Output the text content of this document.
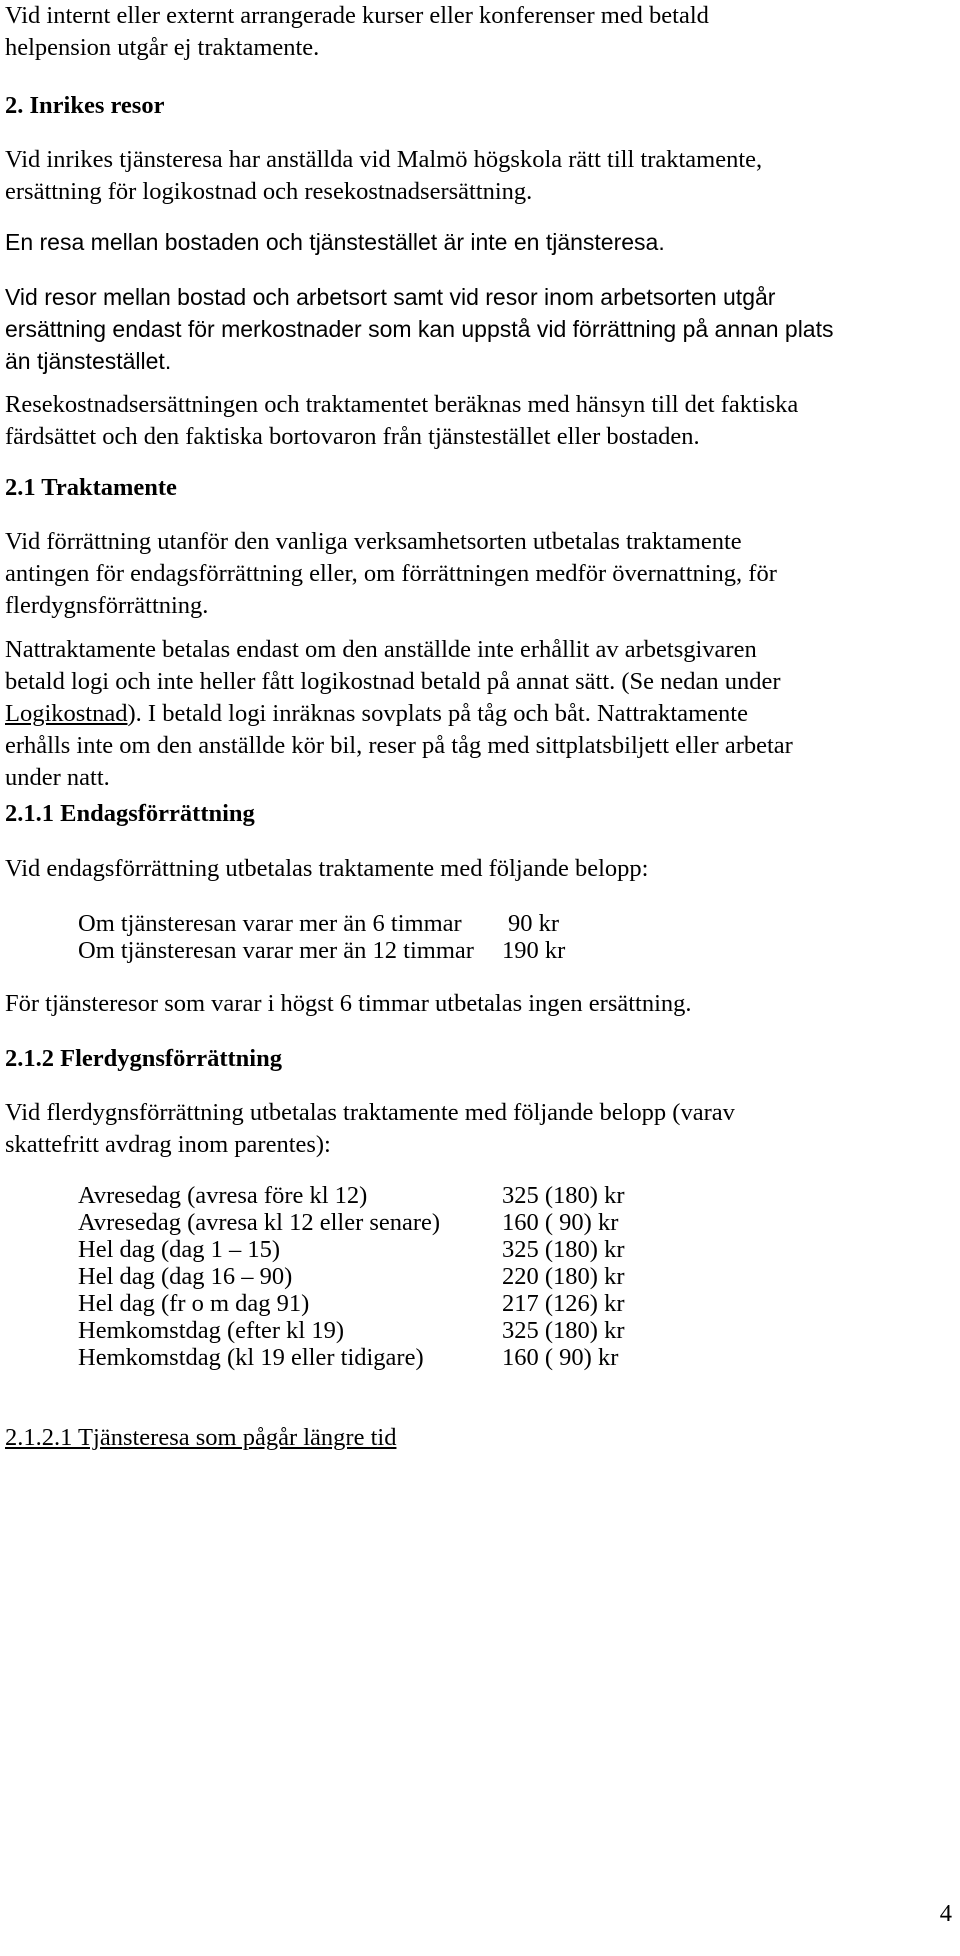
Vid internt eller externt arrangerade kurser eller konferenser med betald
helpension utgår ej traktamente.

2. Inrikes resor

Vid inrikes tjänsteresa har anställda vid Malmö högskola rätt till traktamente,
ersättning för logikostnad och resekostnadsersättning.

En resa mellan bostaden och tjänstestället är inte en tjänsteresa.

Vid resor mellan bostad och arbetsort samt vid resor inom arbetsorten utgår
ersättning endast för merkostnader som kan uppstå vid förrättning på annan plats
än tjänstestället.

Resekostnadsersättningen och traktamentet beräknas med hänsyn till det faktiska
färdsättet och den faktiska bortovaron från tjänstestället eller bostaden.

2.1 Traktamente

Vid förrättning utanför den vanliga verksamhetsorten utbetalas traktamente
antingen för endagsförrättning eller, om förrättningen medför övernattning, för
flerdygnsförrättning.

Nattraktamente betalas endast om den anställde inte erhållit av arbetsgivaren
betald logi och inte heller fått logikostnad betald på annat sätt. (Se nedan under
Logikostnad). I betald logi inräknas sovplats på tåg och båt. Nattraktamente
erhålls inte om den anställde kör bil, reser på tåg med sittplatsbiljett eller arbetar
under natt.

2.1.1 Endagsförrättning

Vid endagsförrättning utbetalas traktamente med följande belopp:

Om tjänsteresan varar mer än 6 timmar 90 kr
Om tjänsteresan varar mer än 12 timmar 190 kr

För tjänsteresor som varar i högst 6 timmar utbetalas ingen ersättning.

2.1.2 Flerdygnsförrättning

Vid flerdygnsförrättning utbetalas traktamente med följande belopp (varav
skattefritt avdrag inom parentes):

Avresedag (avresa före kl 12)	325 (180) kr
Avresedag (avresa kl 12 eller senare)	160 ( 90) kr
Hel dag (dag 1 – 15)	325 (180) kr
Hel dag (dag 16 – 90)	220 (180) kr
Hel dag (fr o m dag 91)	217 (126) kr
Hemkomstdag (efter kl 19)	325 (180) kr
Hemkomstdag (kl 19 eller tidigare)	160 ( 90) kr
2.1.2.1 Tjänsteresa som pågår längre tid
4
